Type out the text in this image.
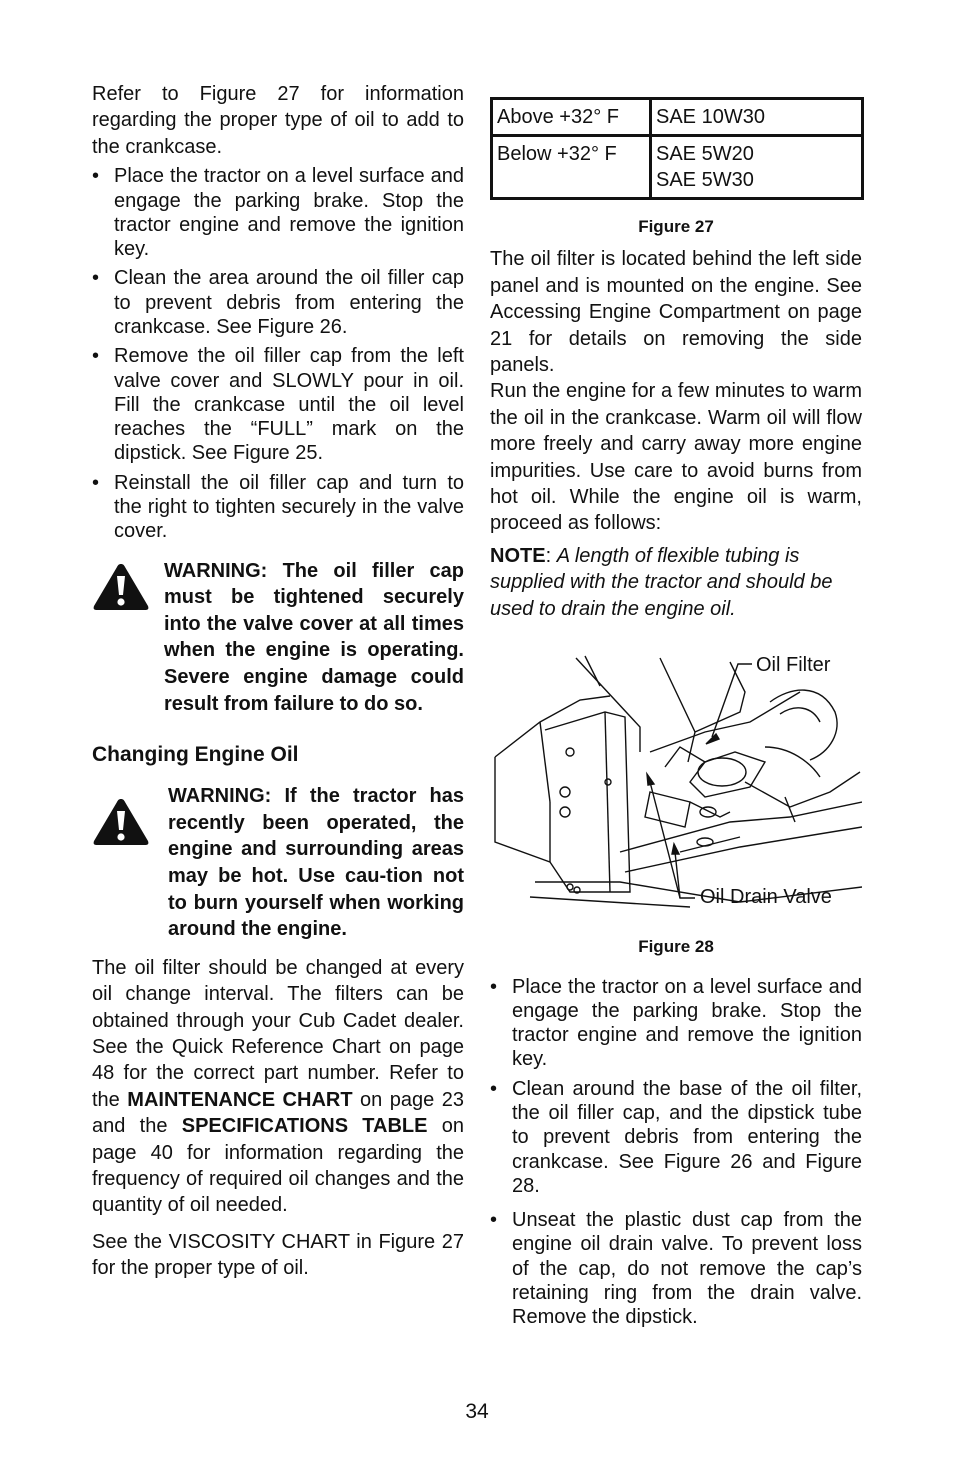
Refer to Figure 27 for information regarding the proper type of oil to add to the crankcase.

• Place the tractor on a level surface and engage the parking brake. Stop the tractor engine and remove the ignition key.
• Clean the area around the oil filler cap to prevent debris from entering the crankcase. See Figure 26.
• Remove the oil filler cap from the left valve cover and SLOWLY pour in oil. Fill the crankcase until the oil level reaches the “FULL” mark on the dipstick. See Figure 25.
• Reinstall the oil filler cap and turn to the right to tighten securely in the valve cover.
WARNING: The oil filler cap must be tightened securely into the valve cover at all times when the engine is operating. Severe engine damage could result from failure to do so.
Changing Engine Oil
WARNING: If the tractor has recently been operated, the engine and surrounding areas may be hot. Use cau-tion not to burn yourself when working around the engine.

The oil filter should be changed at every oil change interval. The filters can be obtained through your Cub Cadet dealer. See the Quick Reference Chart on page 48 for the correct part number. Refer to the MAINTENANCE CHART on page 23 and the SPECIFICATIONS TABLE on page 40 for information regarding the frequency of required oil changes and the quantity of oil needed.

See the VISCOSITY CHART in Figure 27 for the proper type of oil.

Above +32° F	SAE 10W30
Below +32° F	SAE 5W20
SAE 5W30
Figure 27

The oil filter is located behind the left side panel and is mounted on the engine. See Accessing Engine Compartment on page 21 for details on removing the side panels.

Run the engine for a few minutes to warm the oil in the crankcase. Warm oil will flow more freely and carry away more engine impurities. Use care to avoid burns from hot oil. While the engine oil is warm, proceed as follows:

NOTE: A length of flexible tubing is supplied with the tractor and should be used to drain the engine oil.

Oil Filter
Oil Drain Valve
Figure 28
• Place the tractor on a level surface and engage the parking brake. Stop the tractor engine and remove the ignition key.
• Clean around the base of the oil filter, the oil filler cap, and the dipstick tube to prevent debris from entering the crankcase. See Figure 26 and Figure 28.
• Unseat the plastic dust cap from the engine oil drain valve. To prevent loss of the cap, do not remove the cap’s retaining ring from the drain valve. Remove the dipstick.
34
